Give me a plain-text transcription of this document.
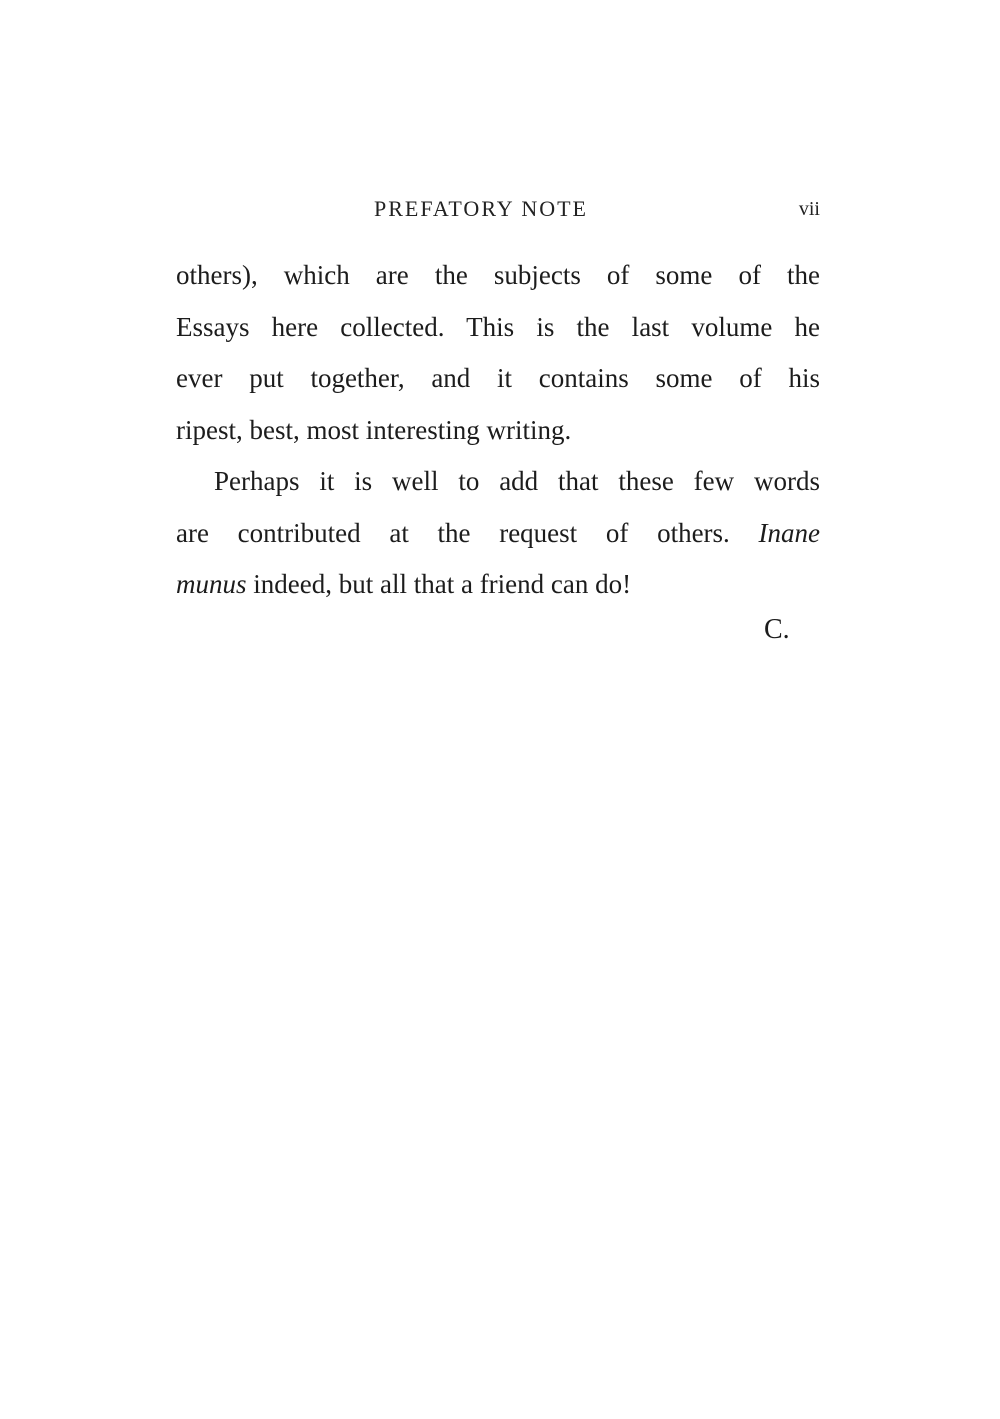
PREFATORY NOTE	vii
others), which are the subjects of some of the
Essays here collected. This is the last volume he
ever put together, and it contains some of his
ripest, best, most interesting writing.
Perhaps it is well to add that these few words
are contributed at the request of others. Inane
munus indeed, but all that a friend can do!
C.
